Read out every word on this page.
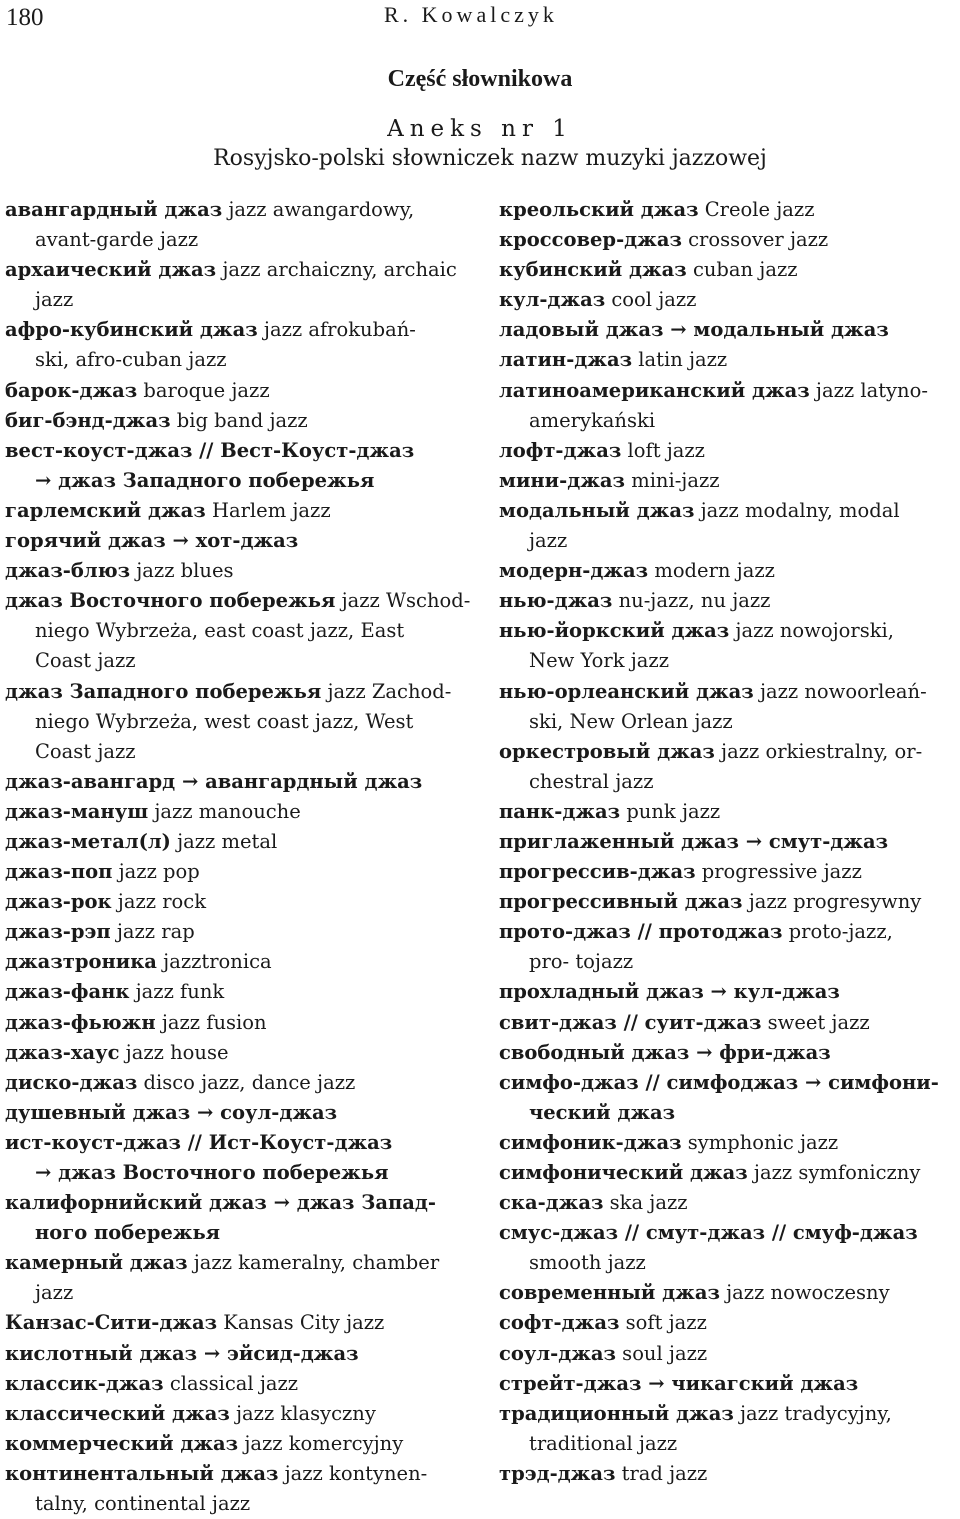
180	R. Kowalczyk
Część słownikowa
Aneks nr 1
Rosyjsko-polski słowniczek nazw muzyki jazzowej
авангардный джаз jazz awangardowy,
avant-garde jazz
архаический джаз jazz archaiczny, archaic
jazz
афро-кубинский джаз jazz afrokubań-
ski, afro-cuban jazz
барок-джаз baroque jazz
биг-бэнд-джаз big band jazz
вест-коуст-джаз // Вест-Коуст-джаз
→ джаз Западного побережья
гарлемский джаз Harlem jazz
горячий джаз → хот-джаз
джаз-блюз jazz blues
джаз Восточного побережья jazz Wschod-
niego Wybrzeża, east coast jazz, East
Coast jazz
джаз Западного побережья jazz Zachod-
niego Wybrzeża, west coast jazz, West
Coast jazz
джаз-авангард → авангардный джаз
джаз-мануш jazz manouche
джаз-метал(л) jazz metal
джаз-поп jazz pop
джаз-рок jazz rock
джаз-рэп jazz rap
джазтроника jazztronica
джаз-фанк jazz funk
джаз-фьюжн jazz fusion
джаз-хаус jazz house
диско-джаз disco jazz, dance jazz
душевный джаз → соул-джаз
ист-коуст-джаз // Ист-Коуст-джаз
→ джаз Восточного побережья
калифорнийский джаз → джаз Запад-
ного побережья
камерный джаз jazz kameralny, chamber
jazz
Канзас-Сити-джаз Kansas City jazz
кислотный джаз → эйсид-джаз
классик-джаз classical jazz
классический джаз jazz klasyczny
коммерческий джаз jazz komercyjny
континентальный джаз jazz kontynen-
talny, continental jazz
креольский джаз Creole jazz
кроссовер-джаз crossover jazz
кубинский джаз cuban jazz
кул-джаз cool jazz
ладовый джаз → модальный джаз
латин-джаз latin jazz
латиноамериканский джаз jazz latyno-
amerykański
лофт-джаз loft jazz
мини-джаз mini-jazz
модальный джаз jazz modalny, modal
jazz
модерн-джаз modern jazz
нью-джаз nu-jazz, nu jazz
нью-йоркский джаз jazz nowojorski,
New York jazz
нью-орлеанский джаз jazz nowoorleań-
ski, New Orlean jazz
оркестровый джаз jazz orkiestralny, or-
chestral jazz
панк-джаз punk jazz
приглаженный джаз → смут-джаз
прогрессив-джаз progressive jazz
прогрессивный джаз jazz progresywny
прото-джаз // протоджаз proto-jazz,
pro- tojazz
прохладный джаз → кул-джаз
свит-джаз // суит-джаз sweet jazz
свободный джаз → фри-джаз
симфо-джаз // симфоджаз → симфони-
ческий джаз
симфоник-джаз symphonic jazz
симфонический джаз jazz symfoniczny
ска-джаз ska jazz
смус-джаз // смут-джаз // смуф-джаз
smooth jazz
современный джаз jazz nowoczesny
софт-джаз soft jazz
соул-джаз soul jazz
стрейт-джаз → чикагский джаз
традиционный джаз jazz tradycyjny,
traditional jazz
трэд-джаз trad jazz
